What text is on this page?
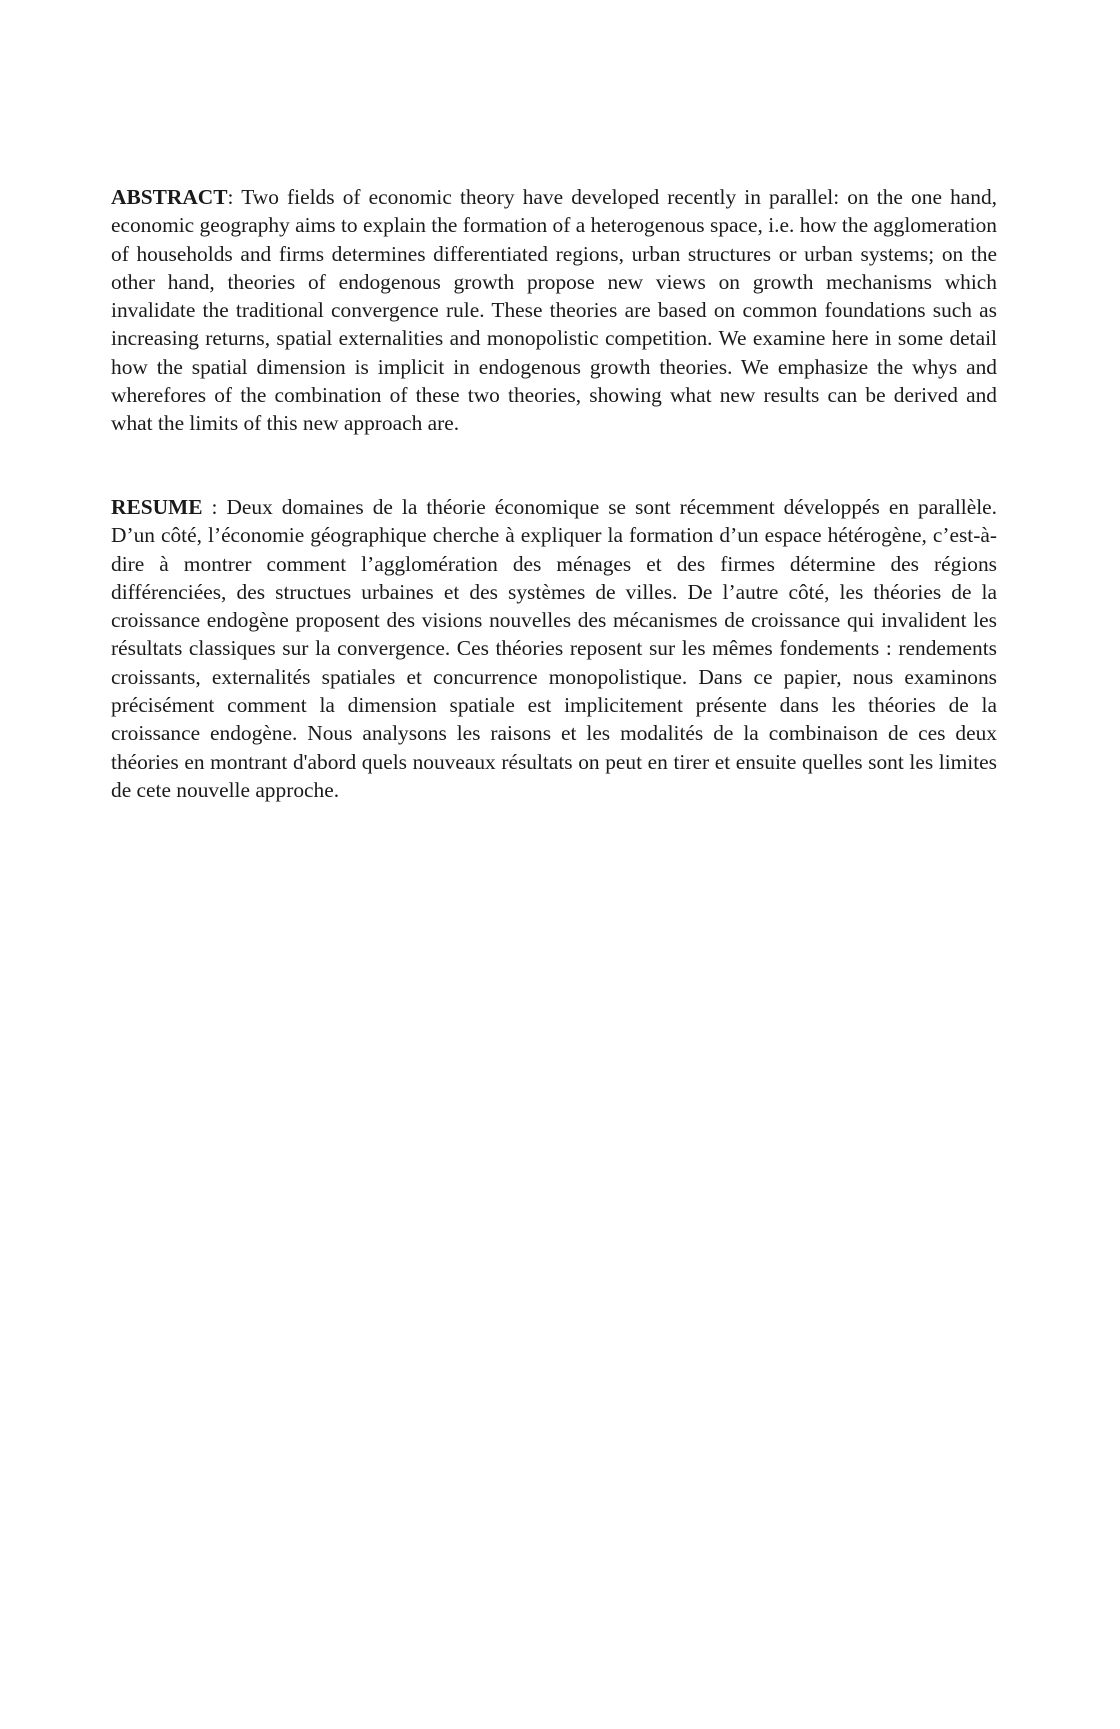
ABSTRACT: Two fields of economic theory have developed recently in parallel: on the one hand, economic geography aims to explain the formation of a heterogenous space, i.e. how the agglomeration of households and firms determines differentiated regions, urban structures or urban systems; on the other hand, theories of endogenous growth propose new views on growth mechanisms which invalidate the traditional convergence rule. These theories are based on common foundations such as increasing returns, spatial externalities and monopolistic competition. We examine here in some detail how the spatial dimension is implicit in endogenous growth theories. We emphasize the whys and wherefores of the combination of these two theories, showing what new results can be derived and what the limits of this new approach are.

RESUME : Deux domaines de la théorie économique se sont récemment développés en parallèle. D’un côté, l’économie géographique cherche à expliquer la formation d’un espace hétérogène, c’est-à-dire à montrer comment l’agglomération des ménages et des firmes détermine des régions différenciées, des structues urbaines et des systèmes de villes. De l’autre côté, les théories de la croissance endogène proposent des visions nouvelles des mécanismes de croissance qui invalident les résultats classiques sur la convergence. Ces théories reposent sur les mêmes fondements : rendements croissants, externalités spatiales et concurrence monopolistique. Dans ce papier, nous examinons précisément comment la dimension spatiale est implicitement présente dans les théories de la croissance endogène. Nous analysons les raisons et les modalités de la combinaison de ces deux théories en montrant d'abord quels nouveaux résultats on peut en tirer et ensuite quelles sont les limites de cete nouvelle approche.
